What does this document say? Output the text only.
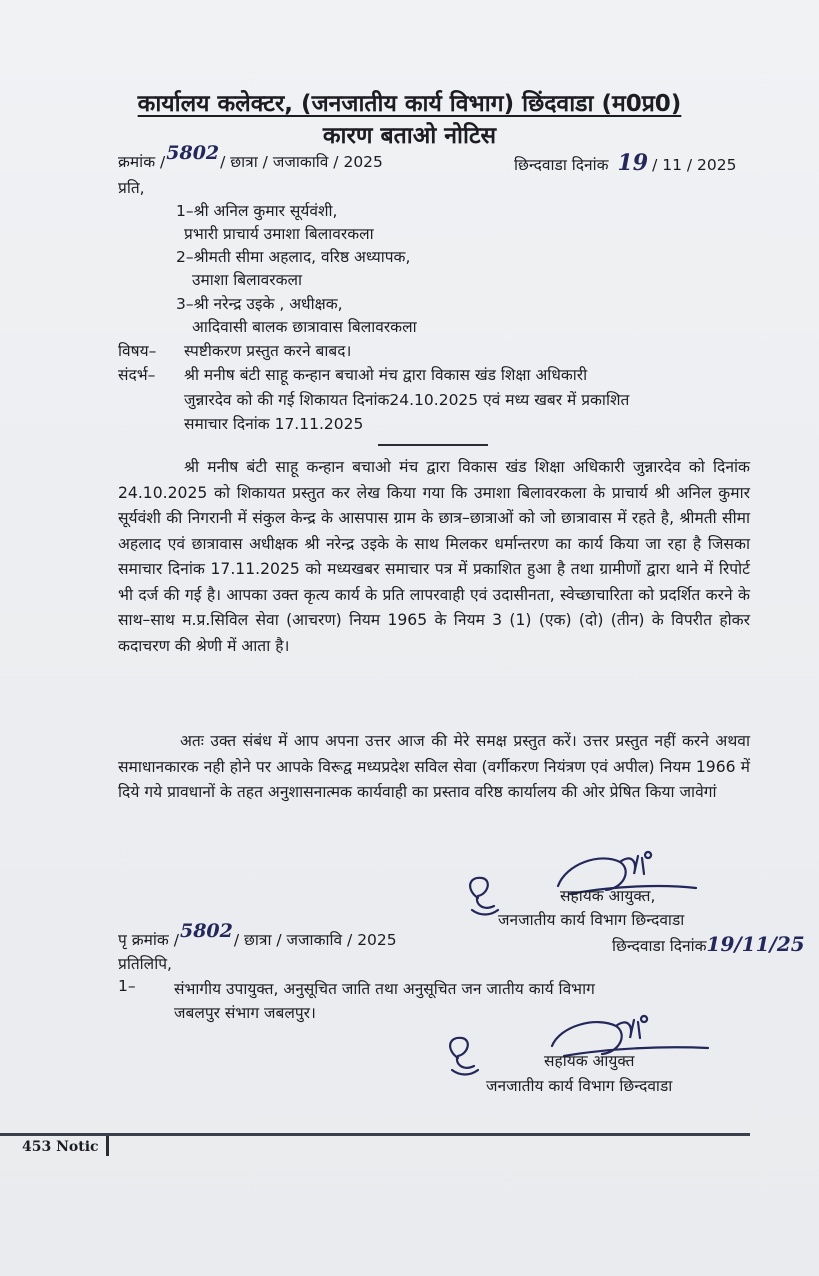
कार्यालय कलेक्टर, (जनजातीय कार्य विभाग) छिंदवाडा (म0प्र0)
कारण बताओ नोटिस
क्रमांक /5802/ छात्रा / जजाकावि / 2025	छिन्दवाडा दिनांक 19 / 11 / 2025
प्रति,
1–श्री अनिल कुमार सूर्यवंशी,
प्रभारी प्राचार्य उमाशा बिलावरकला
2–श्रीमती सीमा अहलाद, वरिष्ठ अध्यापक,
उमाशा बिलावरकला
3–श्री नरेन्द्र उइके , अधीक्षक,
आदिवासी बालक छात्रावास बिलावरकला
विषय– स्पष्टीकरण प्रस्तुत करने बाबद।
संदर्भ– श्री मनीष बंटी साहू कन्हान बचाओ मंच द्वारा विकास खंड शिक्षा अधिकारी
जुन्नारदेव को की गई शिकायत दिनांक24.10.2025 एवं मध्य खबर में प्रकाशित
समाचार दिनांक 17.11.2025

श्री मनीष बंटी साहू कन्हान बचाओ मंच द्वारा विकास खंड शिक्षा अधिकारी जुन्नारदेव को दिनांक 24.10.2025 को शिकायत प्रस्तुत कर लेख किया गया कि उमाशा बिलावरकला के प्राचार्य श्री अनिल कुमार सूर्यवंशी की निगरानी में संकुल केन्द्र के आसपास ग्राम के छात्र–छात्राओं को जो छात्रावास में रहते है, श्रीमती सीमा अहलाद एवं छात्रावास अधीक्षक श्री नरेन्द्र उइके के साथ मिलकर धर्मान्तरण का कार्य किया जा रहा है जिसका समाचार दिनांक 17.11.2025 को मध्यखबर समाचार पत्र में प्रकाशित हुआ है तथा ग्रामीणों द्वारा थाने में रिपोर्ट भी दर्ज की गई है। आपका उक्त कृत्य कार्य के प्रति लापरवाही एवं उदासीनता, स्वेच्छाचारिता को प्रदर्शित करने के साथ–साथ म.प्र.सिविल सेवा (आचरण) नियम 1965 के नियम 3 (1) (एक) (दो) (तीन) के विपरीत होकर कदाचरण की श्रेणी में आता है।

अतः उक्त संबंध में आप अपना उत्तर आज की मेरे समक्ष प्रस्तुत करें। उत्तर प्रस्तुत नहीं करने अथवा समाधानकारक नही होने पर आपके विरूद्व मध्यप्रदेश सविल सेवा (वर्गीकरण नियंत्रण एवं अपील) नियम 1966 में दिये गये प्रावधानों के तहत अनुशासनात्मक कार्यवाही का प्रस्ताव वरिष्ठ कार्यालय की ओर प्रेषित किया जावेगां

सहायक आयुक्त,
जनजातीय कार्य विभाग छिन्दवाडा
पृ क्रमांक /5802/ छात्रा / जजाकावि / 2025	छिन्दवाडा दिनांक19/11/25
प्रतिलिपि,
1– संभागीय उपायुक्त, अनुसूचित जाति तथा अनुसूचित जन जातीय कार्य विभाग
जबलपुर संभाग जबलपुर।
सहायक आयुक्त
जनजातीय कार्य विभाग छिन्दवाडा
453 Notic
